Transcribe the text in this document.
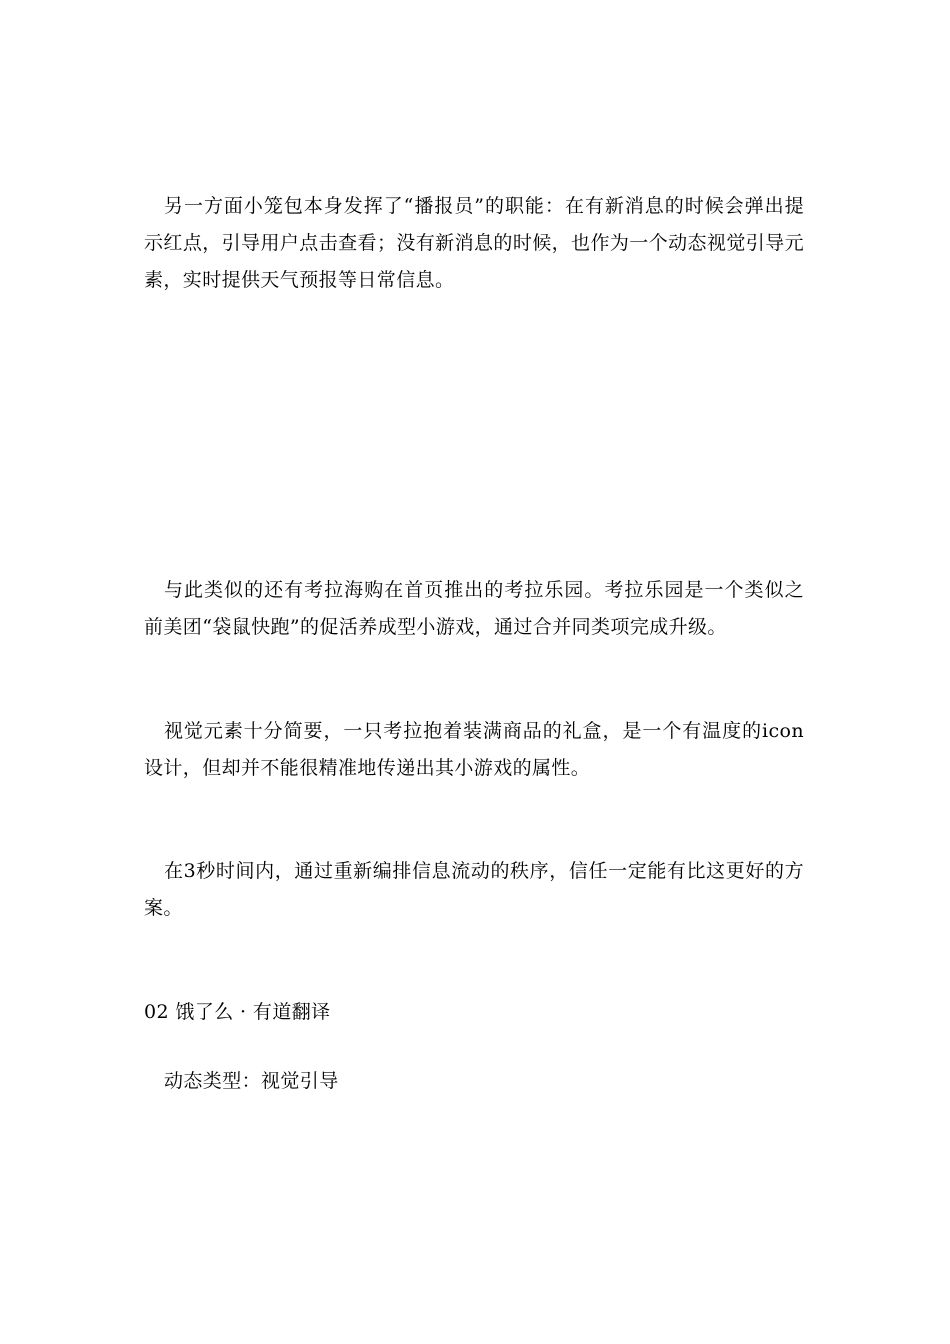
另一方面小笼包本身发挥了“播报员”的职能：在有新消息的时候会弹出提示红点，引导用户点击查看；没有新消息的时候，也作为一个动态视觉引导元素，实时提供天气预报等日常信息。

与此类似的还有考拉海购在首页推出的考拉乐园。考拉乐园是一个类似之前美团“袋鼠快跑”的促活养成型小游戏，通过合并同类项完成升级。

视觉元素十分简要，一只考拉抱着装满商品的礼盒，是一个有温度的icon设计，但却并不能很精准地传递出其小游戏的属性。

在3秒时间内，通过重新编排信息流动的秩序，信任一定能有比这更好的方案。

02 饿了么 · 有道翻译

动态类型：视觉引导
